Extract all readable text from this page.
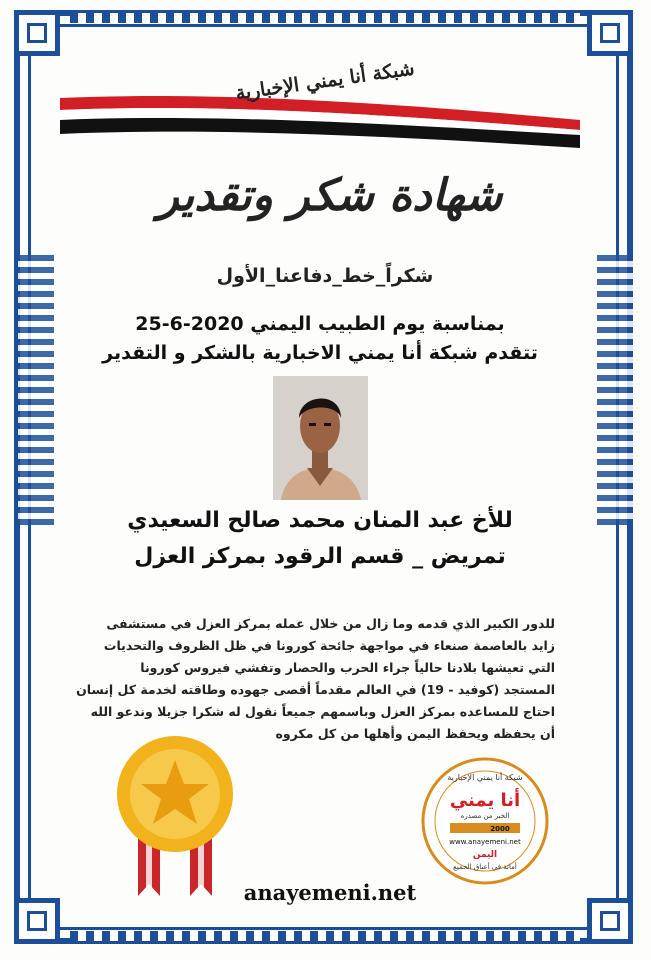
شبكة أنا يمني الإخبارية
شهادة شكر وتقدير
شكراً_خط_دفاعنا_الأول
بمناسبة يوم الطبيب اليمني 2020-6-25
تتقدم شبكة أنا يمني الاخبارية بالشكر و التقدير
للأخ عبد المنان محمد صالح السعيدي
تمريض _ قسم الرقود بمركز العزل
للدور الكبير الذي قدمه وما زال من خلال عمله بمركز العزل في مستشفى
زايد بالعاصمة صنعاء في مواجهة جائحة كورونا في ظل الظروف والتحديات
التي تعيشها بلادنا حالياً جراء الحرب والحصار وتفشي فيروس كورونا
المستجد (كوفيد - 19) في العالم مقدماً أقصى جهوده وطاقته لخدمة كل إنسان
احتاج للمساعده بمركز العزل وباسمهم جميعاً نقول له شكرا جزيلا وندعو الله
أن يحفظه ويحفظ اليمن وأهلها من كل مكروه
شبكة أنا يمني الإخبارية
أنا يمني
الخبر من مصدره
2000
www.anayemeni.net
اليمن
أمانة في أعناق الجميع
anayemeni.net
